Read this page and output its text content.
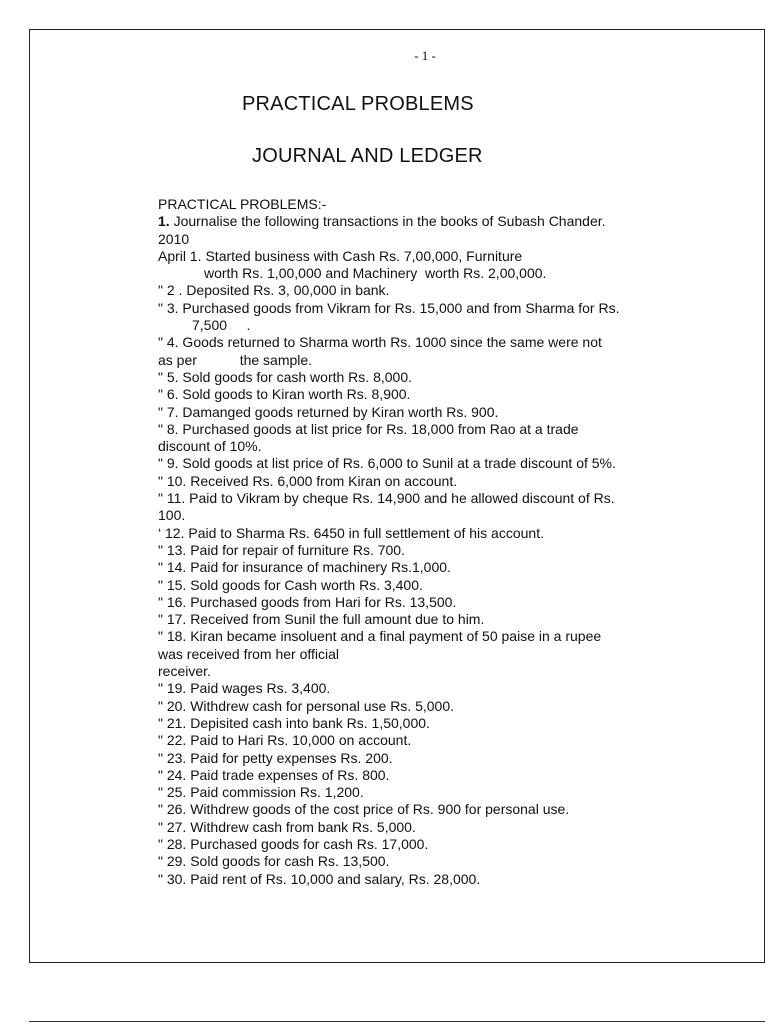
- 1 -
PRACTICAL PROBLEMS
JOURNAL AND LEDGER
PRACTICAL PROBLEMS:-
1. Journalise the following transactions in the books of Subash Chander.
2010
April 1. Started business with Cash Rs. 7,00,000, Furniture
worth Rs. 1,00,000 and Machinery  worth Rs. 2,00,000.
" 2 . Deposited Rs. 3, 00,000 in bank.
" 3. Purchased goods from Vikram for Rs. 15,000 and from Sharma for Rs.
7,500     .
" 4. Goods returned to Sharma worth Rs. 1000 since the same were not
as per           the sample.
" 5. Sold goods for cash worth Rs. 8,000.
" 6. Sold goods to Kiran worth Rs. 8,900.
" 7. Damanged goods returned by Kiran worth Rs. 900.
" 8. Purchased goods at list price for Rs. 18,000 from Rao at a trade
discount of 10%.
" 9. Sold goods at list price of Rs. 6,000 to Sunil at a trade discount of 5%.
" 10. Received Rs. 6,000 from Kiran on account.
" 11. Paid to Vikram by cheque Rs. 14,900 and he allowed discount of Rs.
100.
‘ 12. Paid to Sharma Rs. 6450 in full settlement of his account.
" 13. Paid for repair of furniture Rs. 700.
" 14. Paid for insurance of machinery Rs.1,000.
" 15. Sold goods for Cash worth Rs. 3,400.
" 16. Purchased goods from Hari for Rs. 13,500.
" 17. Received from Sunil the full amount due to him.
" 18. Kiran became insoluent and a final payment of 50 paise in a rupee
was received from her official
receiver.
" 19. Paid wages Rs. 3,400.
" 20. Withdrew cash for personal use Rs. 5,000.
" 21. Depisited cash into bank Rs. 1,50,000.
" 22. Paid to Hari Rs. 10,000 on account.
" 23. Paid for petty expenses Rs. 200.
" 24. Paid trade expenses of Rs. 800.
" 25. Paid commission Rs. 1,200.
" 26. Withdrew goods of the cost price of Rs. 900 for personal use.
" 27. Withdrew cash from bank Rs. 5,000.
" 28. Purchased goods for cash Rs. 17,000.
" 29. Sold goods for cash Rs. 13,500.
" 30. Paid rent of Rs. 10,000 and salary, Rs. 28,000.
